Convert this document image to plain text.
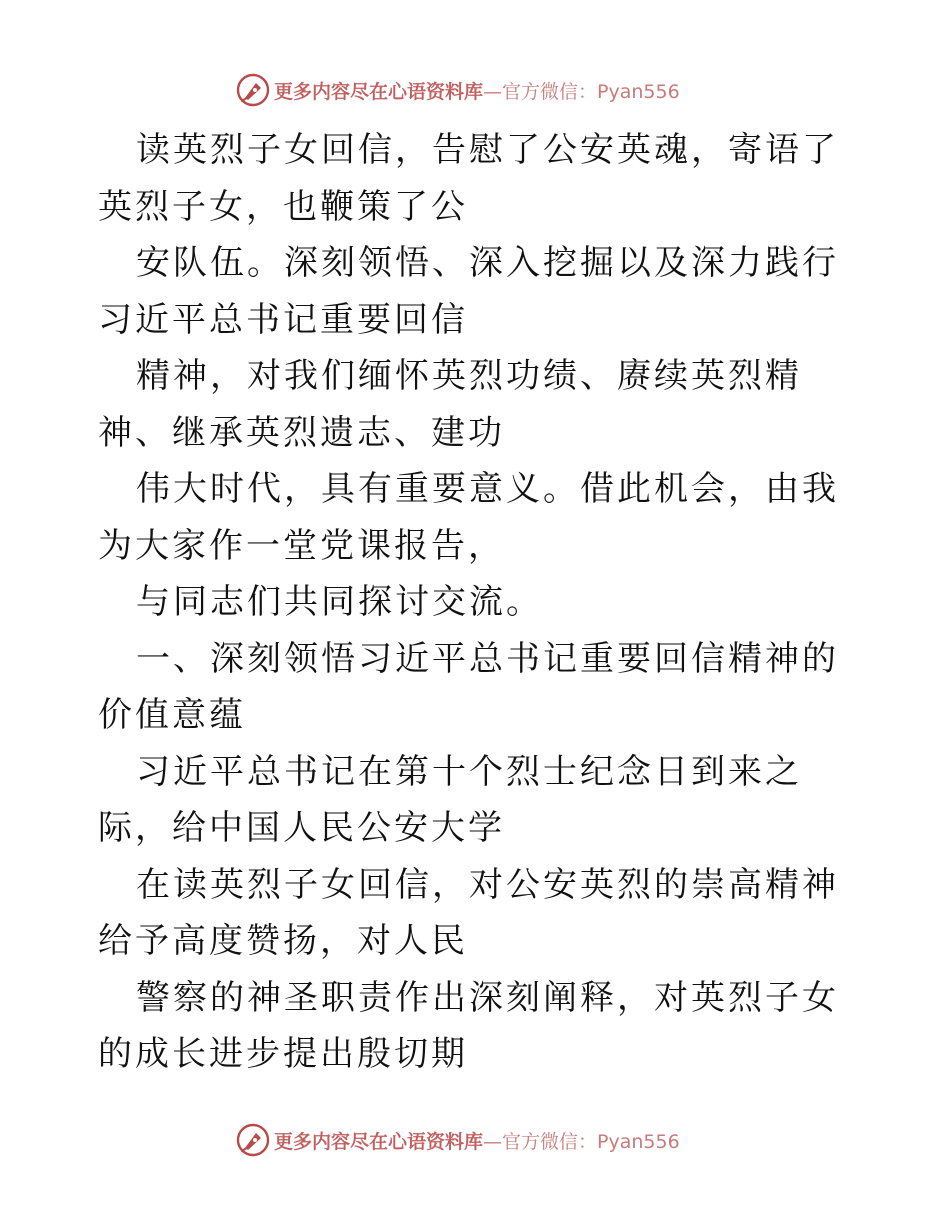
更多内容尽在心语资料库—官方微信：Pyan556

读英烈子女回信，告慰了公安英魂，寄语了英烈子女，也鞭策了公

安队伍。深刻领悟、深入挖掘以及深力践行习近平总书记重要回信

精神，对我们缅怀英烈功绩、赓续英烈精神、继承英烈遗志、建功

伟大时代，具有重要意义。借此机会，由我为大家作一堂党课报告，

与同志们共同探讨交流。

一、深刻领悟习近平总书记重要回信精神的价值意蕴

习近平总书记在第十个烈士纪念日到来之际，给中国人民公安大学

在读英烈子女回信，对公安英烈的崇高精神给予高度赞扬，对人民

警察的神圣职责作出深刻阐释，对英烈子女的成长进步提出殷切期

更多内容尽在心语资料库—官方微信：Pyan556
